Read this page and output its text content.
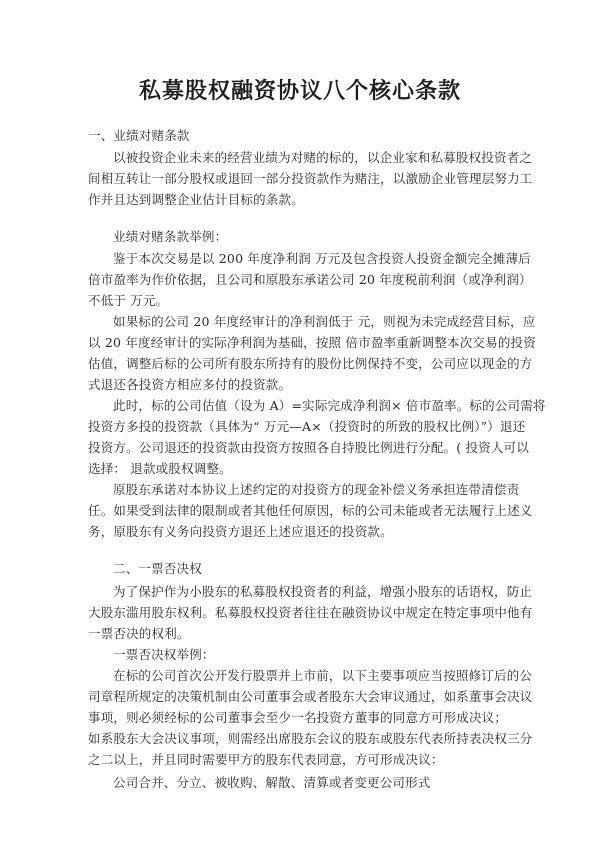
私募股权融资协议八个核心条款
一、业绩对赌条款
以被投资企业未来的经营业绩为对赌的标的，以企业家和私募股权投资者之
间相互转让一部分股权或退回一部分投资款作为赌注，以激励企业管理层努力工
作并且达到调整企业估计目标的条款。
业绩对赌条款举例：
鉴于本次交易是以 200 年度净利润 万元及包含投资人投资金额完全摊薄后
倍市盈率为作价依据，且公司和原股东承诺公司 20 年度税前利润（或净利润）
不低于 万元。
如果标的公司 20 年度经审计的净利润低于 元，则视为未完成经营目标，应
以 20 年度经审计的实际净利润为基础，按照 倍市盈率重新调整本次交易的投资
估值，调整后标的公司所有股东所持有的股份比例保持不变，公司应以现金的方
式退还各投资方相应多付的投资款。
此时，标的公司估值（设为 A）=实际完成净利润× 倍市盈率。标的公司需将
投资方多投的投资款（具体为“ 万元—A×（投资时的所致的股权比例）”）退还
投资方。公司退还的投资款由投资方按照各自持股比例进行分配。( 投资人可以
选择： 退款或股权调整。
原股东承诺对本协议上述约定的对投资方的现金补偿义务承担连带清偿责
任。如果受到法律的限制或者其他任何原因，标的公司未能或者无法履行上述义
务，原股东有义务向投资方退还上述应退还的投资款。
二、一票否决权
为了保护作为小股东的私募股权投资者的利益，增强小股东的话语权，防止
大股东滥用股东权利。私募股权投资者往往在融资协议中规定在特定事项中他有
一票否决的权利。
一票否决权举例：
在标的公司首次公开发行股票并上市前，以下主要事项应当按照修订后的公
司章程所规定的决策机制由公司董事会或者股东大会审议通过，如系董事会决议
事项，则必须经标的公司董事会至少一名投资方董事的同意方可形成决议；
如系股东大会决议事项，则需经出席股东会议的股东或股东代表所持表决权三分
之二以上，并且同时需要甲方的股东代表同意，方可形成决议：
公司合并、分立、被收购、解散、清算或者变更公司形式
